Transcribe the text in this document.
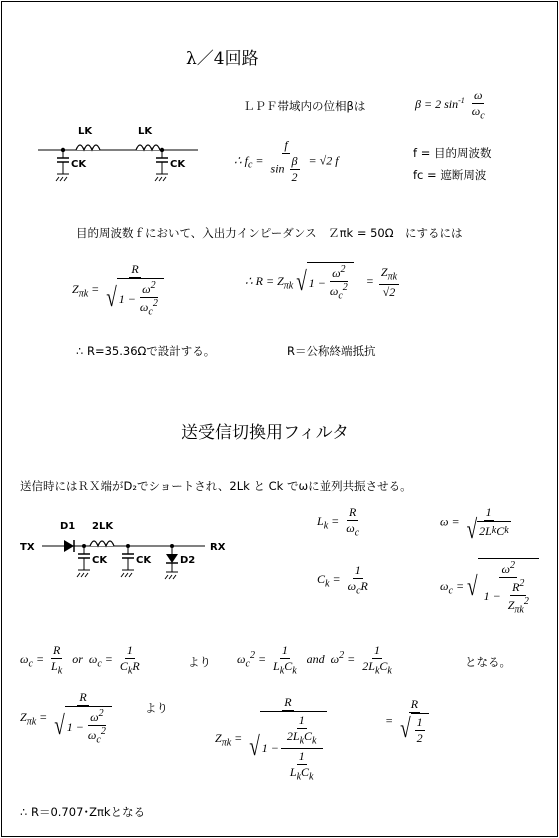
λ／4回路
LK	LK
CK	CK
ＬＰＦ帯域内の位相βは	β = 2 $\sin^{-1} \frac{\omega}{\omega_c}$
∴ $f_c = \frac{f}{\sin \frac{\beta}{2}} = √2$ f
f = 目的周波数
fc = 遮断周波
目的周波数ｆにおいて、入出力インピーダンス　Ｚπk = 50Ω　にするには
$Z_{\pi k} = \frac{R}{√ 1 - \frac{\omega^2}{\omega_c^2}}$	∴ $R = Z_{\pi k}$ √ $1 - \frac{\omega^2}{\omega_c^2} = \frac{Z_{\pi k}}{√2}$
∴ R=35.36Ωで設計する。	R＝公称終端抵抗
送受信切換用フィルタ
送信時にはＲＸ端がD₂でショートされ、2Lk と Ck でωに並列共振させる。
TX	RX
D1 2LK
CK	CK	D2
$L_k = \frac{R}{\omega_c}$	$\omega = \frac{1}{\text{√ 2L k C k}}$
$C_k = \frac{1}{\omega_cR}$	$\omega_c$ = √ $\frac{\omega^2}{1 - \frac{R^2}{Z_{\pi k}^2}}$
$\omega_c = \frac{R}{L_k}$ or  $\omega_c = \frac{1}{C_kR}$	より $\omega_c^2 = \frac{1}{L_kC_k}$ and  $\omega^2 = \frac{1}{2L_kC_k}$	となる。
$Z_{\pi k} = \frac{R}{√ 1 - \frac{\omega^2}{\omega_c^2}}$	より
$Z_{\pi k} = \frac{R}{√ 1 - \frac{\frac{1}{2L_kC_k}}{\frac{1}{L_kC_k}}}$	= $\frac{R}{√ \frac{1}{2}}$
∴ R＝0.707･Zπkとなる
